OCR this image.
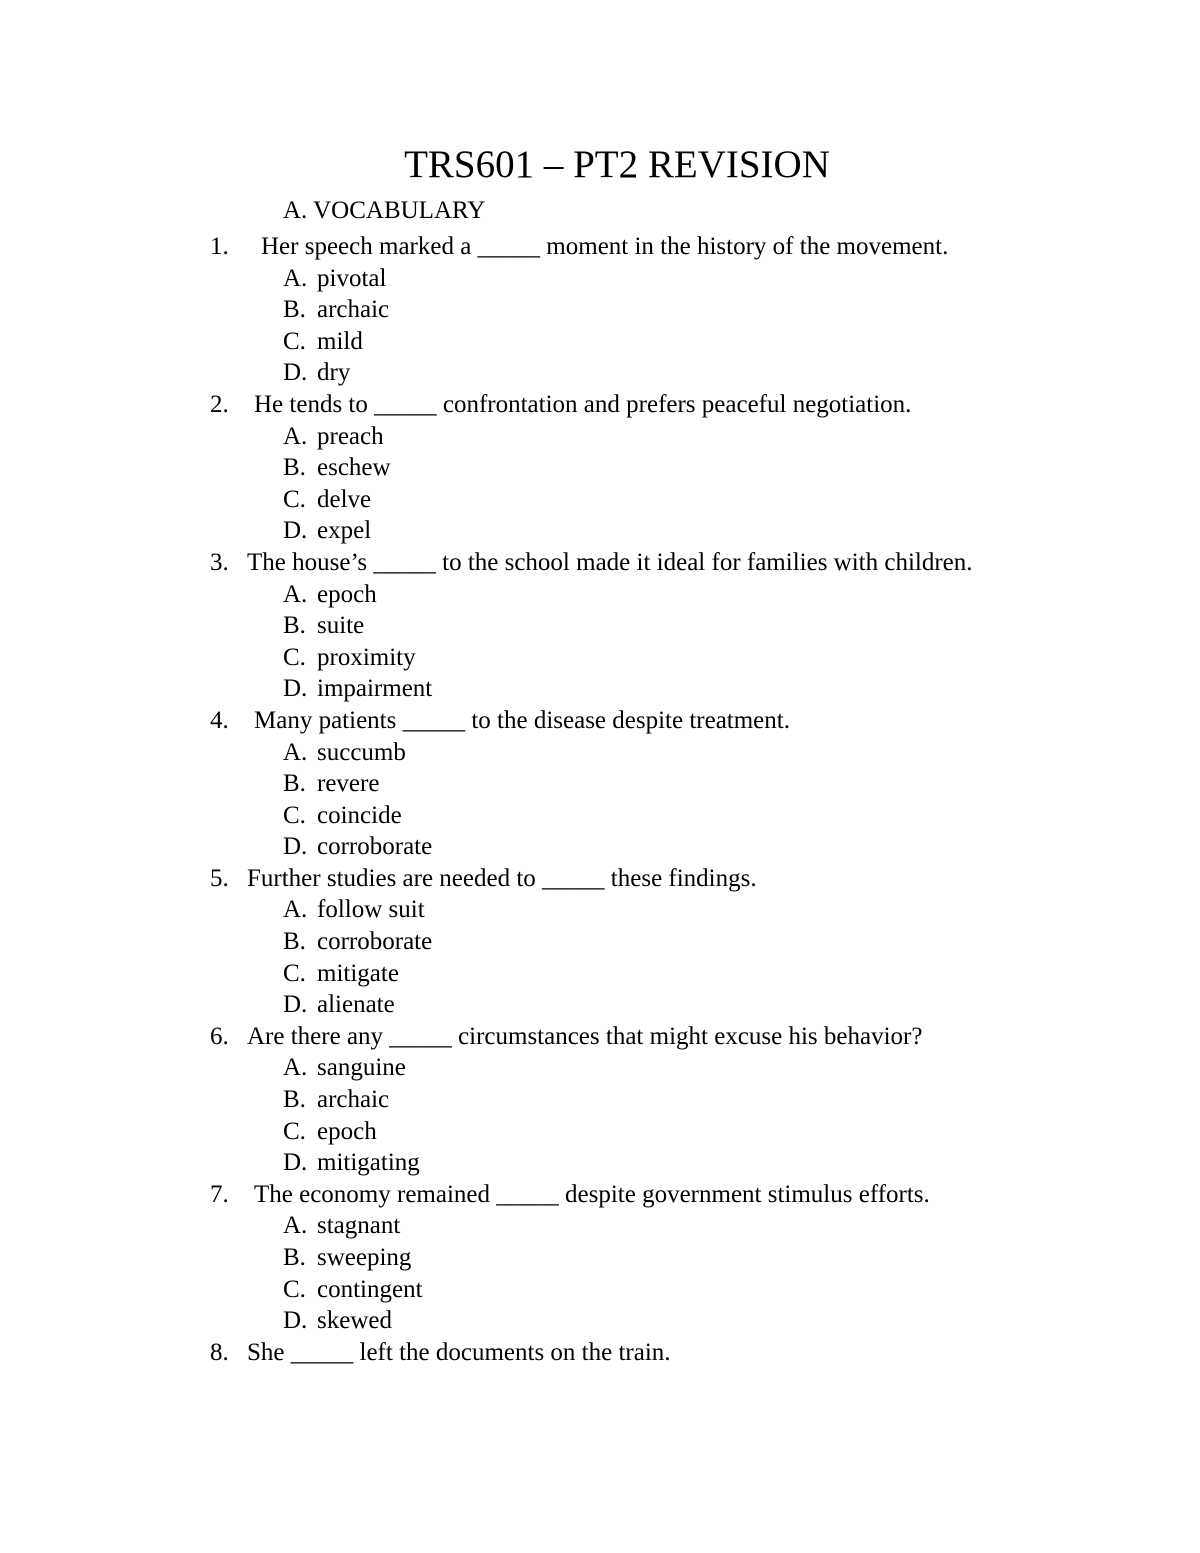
TRS601 – PT2 REVISION
A. VOCABULARY
1. Her speech marked a _____ moment in the history of the movement.
A. pivotal
B. archaic
C. mild
D. dry
2. He tends to _____ confrontation and prefers peaceful negotiation.
A. preach
B. eschew
C. delve
D. expel
3. The house’s _____ to the school made it ideal for families with children.
A. epoch
B. suite
C. proximity
D. impairment
4. Many patients _____ to the disease despite treatment.
A. succumb
B. revere
C. coincide
D. corroborate
5. Further studies are needed to _____ these findings.
A. follow suit
B. corroborate
C. mitigate
D. alienate
6. Are there any _____ circumstances that might excuse his behavior?
A. sanguine
B. archaic
C. epoch
D. mitigating
7. The economy remained _____ despite government stimulus efforts.
A. stagnant
B. sweeping
C. contingent
D. skewed
8. She _____ left the documents on the train.
